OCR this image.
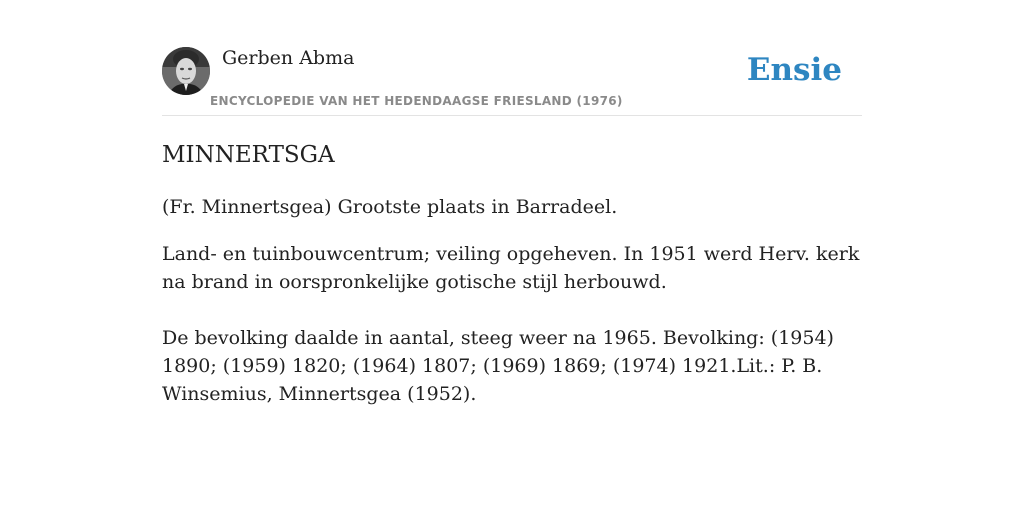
Gerben Abma
ENCYCLOPEDIE VAN HET HEDENDAAGSE FRIESLAND (1976)
Ensie
MINNERTSGA

(Fr. Minnertsgea) Grootste plaats in Barradeel.

Land- en tuinbouwcentrum; veiling opgeheven. In 1951 werd Herv. kerk na brand in oorspronkelijke gotische stijl herbouwd.

De bevolking daalde in aantal, steeg weer na 1965. Bevolking: (1954) 1890; (1959) 1820; (1964) 1807; (1969) 1869; (1974) 1921.Lit.: P. B. Winsemius, Minnertsgea (1952).
